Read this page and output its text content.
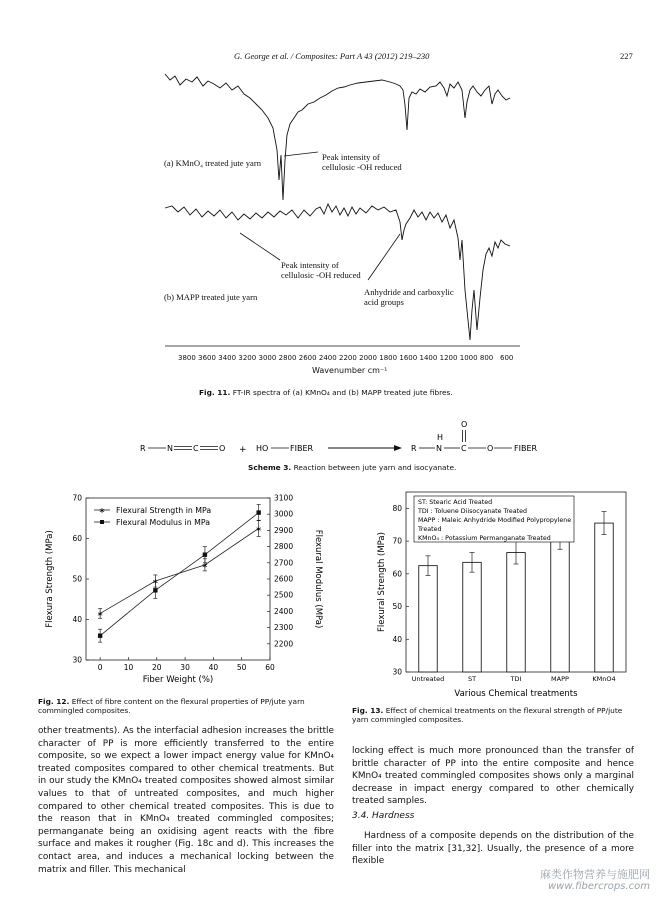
G. George et al. / Composites: Part A 43 (2012) 219–230	227
(a) KMnO₄ treated jute yarn
Peak intensity of cellulosic -OH reduced
Peak intensity of cellulosic -OH reduced
Anhydride and carboxylic acid groups
(b) MAPP treated jute yarn
3800 3600 3400 3200 3000 2800 2600 2400 2200 2000 1800 1600 1400 1200 1000 800 600
Wavenumber cm⁻¹
Fig. 11. FT-IR spectra of (a) KMnO₄ and (b) MAPP treated jute fibres.
R	N	C	O + HO	FIBER	R
H
N
O
C	O	FIBER
Scheme 3. Reaction between jute yarn and isocyanate.
0	10	20	30	40	50	60
30
40
50
60
70
2200
2300
2400
2500
2600
2700
2800
2900
3000
3100
Fiber Weight (%)
Flexura Strength (MPa)	Flexural Modulus (MPa)
∗
∗
∗
∗
∗ Flexural Strength in MPa
Flexural Modulus in MPa
Fig. 12. Effect of fibre content on the flexural properties of PP/jute yarn commingled composites.
30
40
50
60
70
80
Untreated	ST	TDI	MAPP	KMnO4
Various Chemical treatments
Flexural Strength (MPa)
ST: Stearic Acid Treated
TDI : Toluene Diisocyanate Treated
MAPP : Maleic Anhydride Modified Polypropylene
Treated
KMnO₄ : Potassium Permanganate Treated
Fig. 13. Effect of chemical treatments on the flexural strength of PP/jute yarn commingled composites.
other treatments). As the interfacial adhesion increases the brittle character of PP is more efficiently transferred to the entire composite, so we expect a lower impact energy value for KMnO₄ treated composites compared to other chemical treatments. But in our study the KMnO₄ treated composites showed almost similar values to that of untreated composites, and much higher compared to other chemical treated composites. This is due to the reason that in KMnO₄ treated commingled composites; permanganate being an oxidising agent reacts with the fibre surface and makes it rougher (Fig. 18c and d). This increases the contact area, and induces a mechanical locking between the matrix and filler. This mechanical
locking effect is much more pronounced than the transfer of brittle character of PP into the entire composite and hence KMnO₄ treated commingled composites shows only a marginal decrease in impact energy compared to other chemically treated samples.
3.4. Hardness
Hardness of a composite depends on the distribution of the filler into the matrix [31,32]. Usually, the presence of a more flexible
麻类作物营养与施肥网
www.fibercrops.com
